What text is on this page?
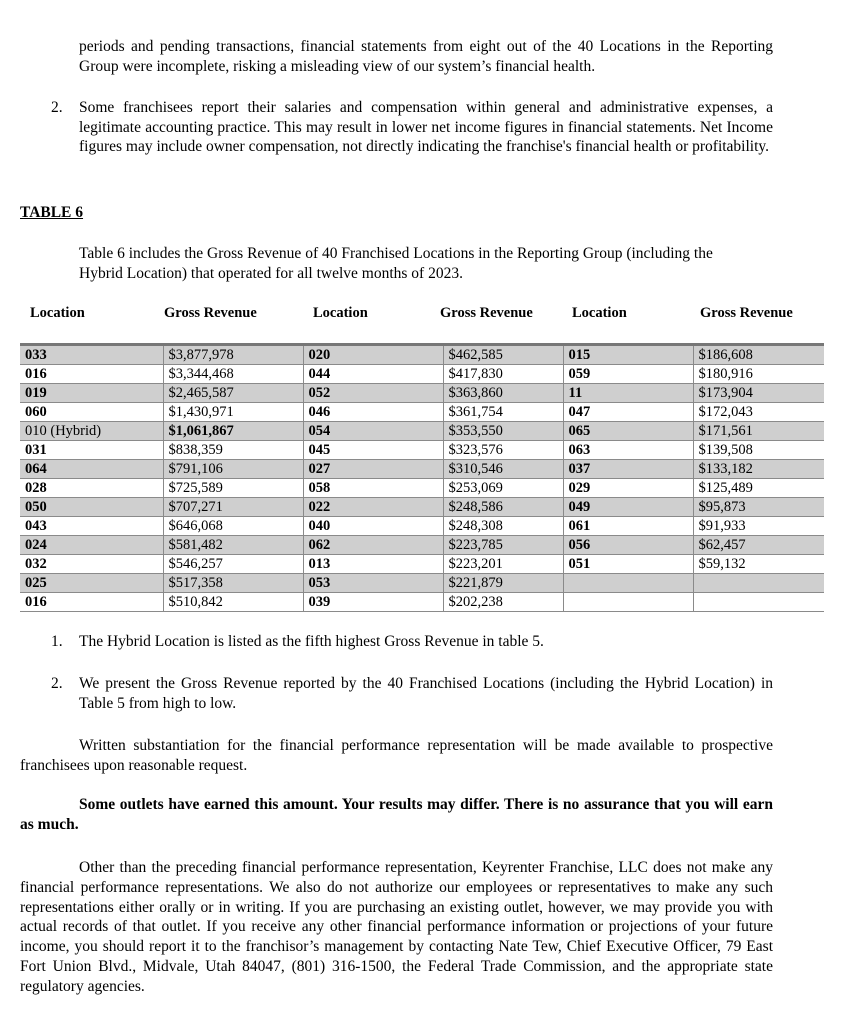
periods and pending transactions, financial statements from eight out of the 40 Locations in the Reporting Group were incomplete, risking a misleading view of our system’s financial health.
2. Some franchisees report their salaries and compensation within general and administrative expenses, a legitimate accounting practice. This may result in lower net income figures in financial statements. Net Income figures may include owner compensation, not directly indicating the franchise's financial health or profitability.
TABLE 6
Table 6 includes the Gross Revenue of 40 Franchised Locations in the Reporting Group (including the Hybrid Location) that operated for all twelve months of 2023.
Location	Gross Revenue	Location	Gross Revenue	Location	Gross Revenue
033	$3,877,978	020	$462,585	015	$186,608
016	$3,344,468	044	$417,830	059	$180,916
019	$2,465,587	052	$363,860	11	$173,904
060	$1,430,971	046	$361,754	047	$172,043
010 (Hybrid)	$1,061,867	054	$353,550	065	$171,561
031	$838,359	045	$323,576	063	$139,508
064	$791,106	027	$310,546	037	$133,182
028	$725,589	058	$253,069	029	$125,489
050	$707,271	022	$248,586	049	$95,873
043	$646,068	040	$248,308	061	$91,933
024	$581,482	062	$223,785	056	$62,457
032	$546,257	013	$223,201	051	$59,132
025	$517,358	053	$221,879		
016	$510,842	039	$202,238		
1. The Hybrid Location is listed as the fifth highest Gross Revenue in table 5.
2. We present the Gross Revenue reported by the 40 Franchised Locations (including the Hybrid Location) in Table 5 from high to low.
Written substantiation for the financial performance representation will be made available to prospective franchisees upon reasonable request.
Some outlets have earned this amount. Your results may differ. There is no assurance that you will earn as much.
Other than the preceding financial performance representation, Keyrenter Franchise, LLC does not make any financial performance representations. We also do not authorize our employees or representatives to make any such representations either orally or in writing. If you are purchasing an existing outlet, however, we may provide you with actual records of that outlet. If you receive any other financial performance information or projections of your future income, you should report it to the franchisor’s management by contacting Nate Tew, Chief Executive Officer, 79 East Fort Union Blvd., Midvale, Utah 84047, (801) 316-1500, the Federal Trade Commission, and the appropriate state regulatory agencies.
